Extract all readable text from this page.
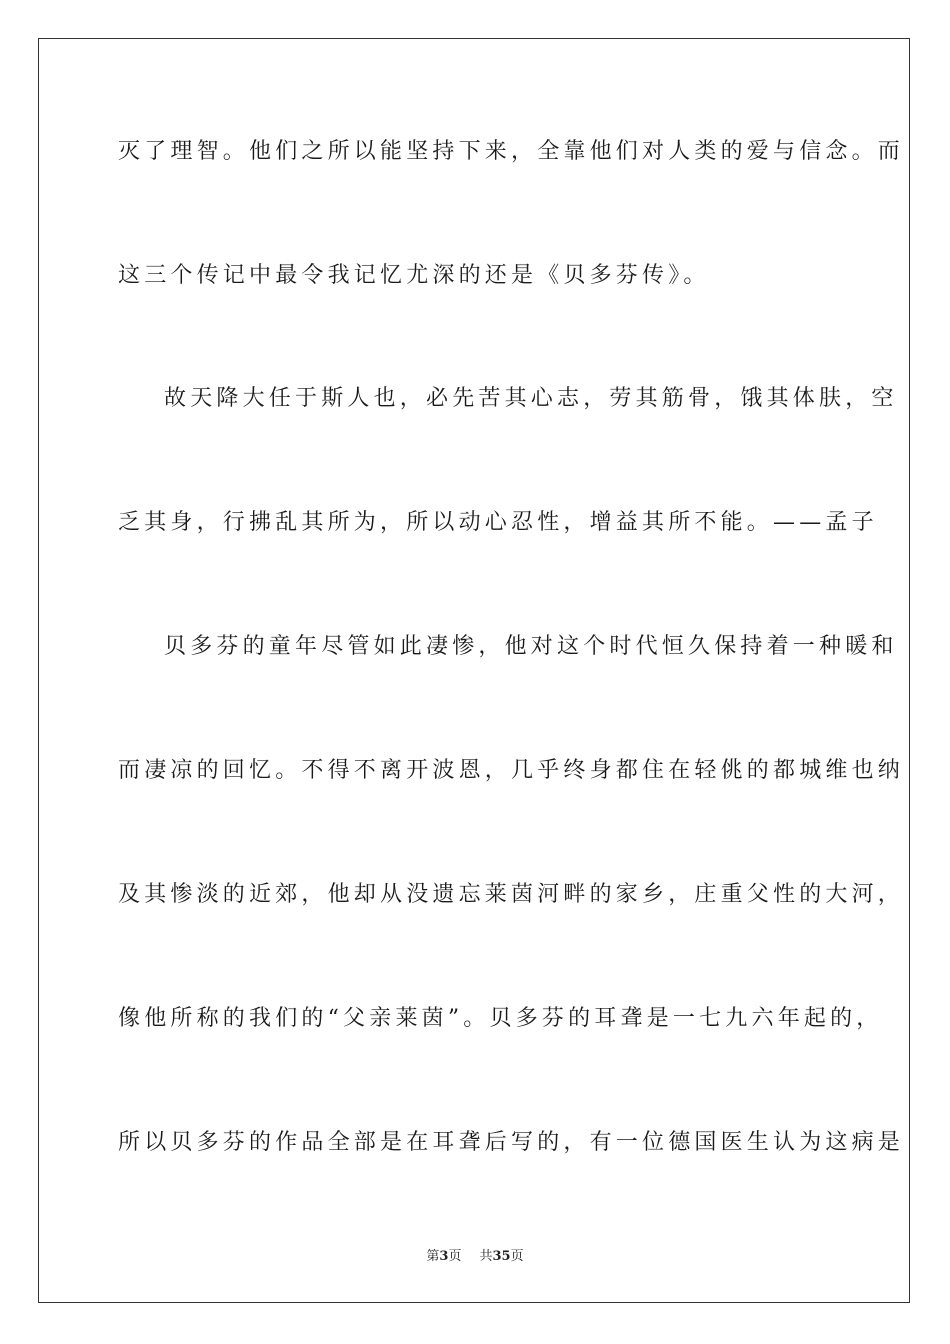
灭了理智。他们之所以能坚持下来，全靠他们对人类的爱与信念。而
这三个传记中最令我记忆尤深的还是《贝多芬传》。
故天降大任于斯人也，必先苦其心志，劳其筋骨，饿其体肤，空
乏其身，行拂乱其所为，所以动心忍性，增益其所不能。——孟子
贝多芬的童年尽管如此凄惨，他对这个时代恒久保持着一种暖和
而凄凉的回忆。不得不离开波恩，几乎终身都住在轻佻的都城维也纳
及其惨淡的近郊，他却从没遗忘莱茵河畔的家乡，庄重父性的大河，
像他所称的我们的“父亲莱茵”。贝多芬的耳聋是一七九六年起的，
所以贝多芬的作品全部是在耳聋后写的，有一位德国医生认为这病是
第3页 共35页
